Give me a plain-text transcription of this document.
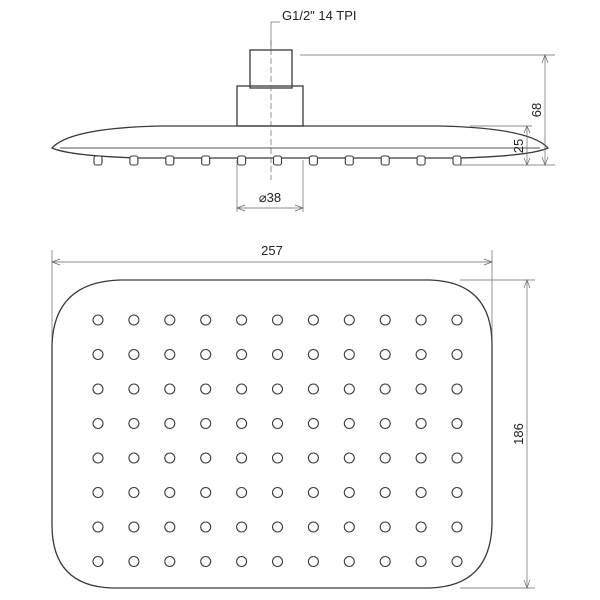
G1/2" 14 TPI
68
25
⌀38
257
186
